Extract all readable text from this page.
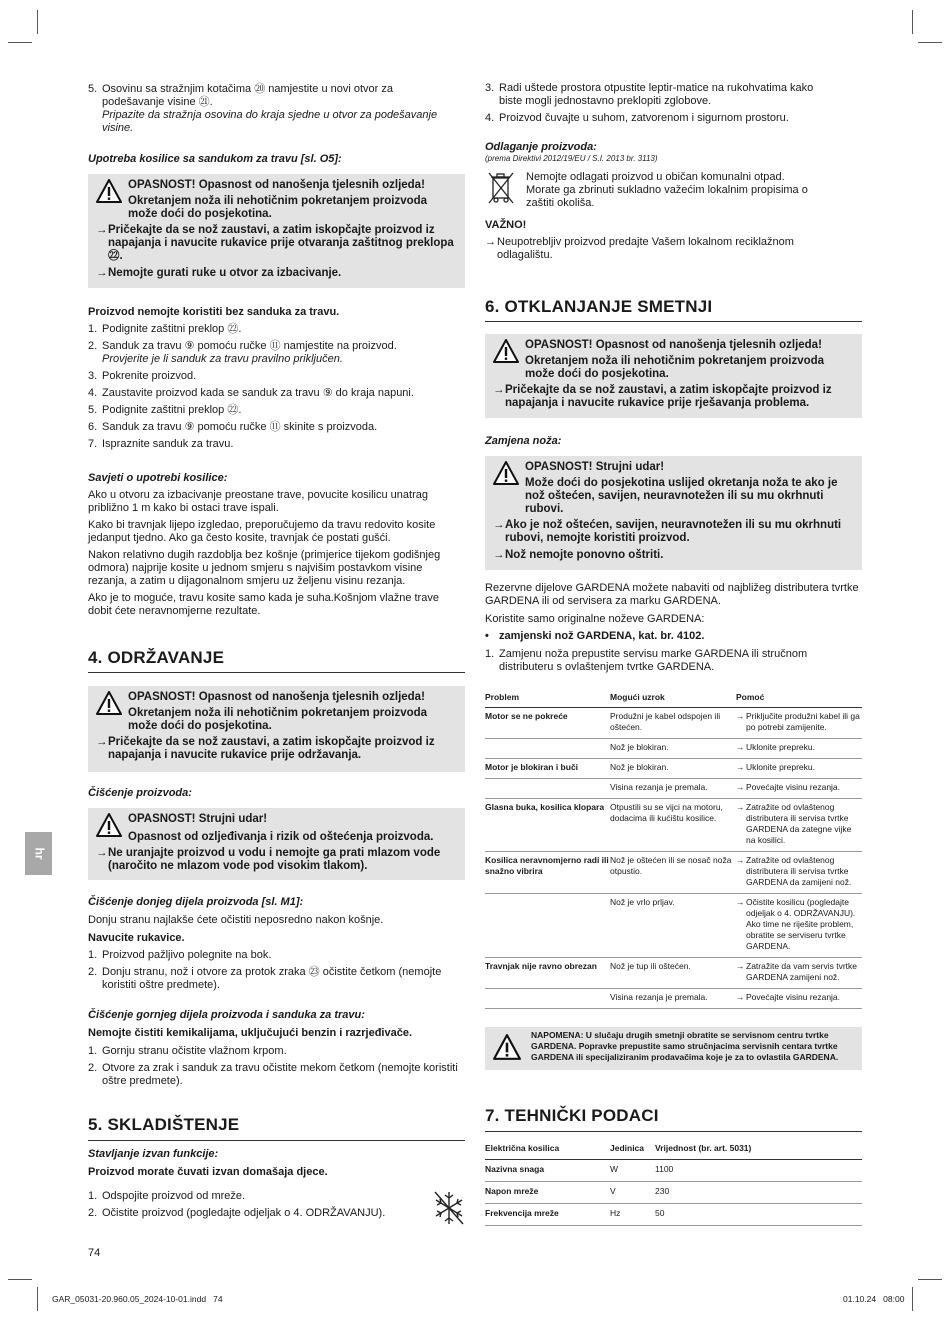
5. Osovinu sa stražnjim kotačima ⑳ namjestite u novi otvor za podešavanje visine ㉑.

Pripazite da stražnja osovina do kraja sjedne u otvor za podešavanje visine.

Upotreba kosilice sa sandukom za travu [sl. O5]:

OPASNOST! Opasnost od nanošenja tjelesnih ozljeda!

Okretanjem noža ili nehotičnim pokretanjem proizvoda može doći do posjekotina.

→ Pričekajte da se nož zaustavi, a zatim iskopčajte proizvod iz napajanja i navucite rukavice prije otvaranja zaštitnog preklopa ㉒.

→ Nemojte gurati ruke u otvor za izbacivanje.

Proizvod nemojte koristiti bez sanduka za travu.

1. Podignite zaštitni preklop ㉒.

2. Sanduk za travu ⑨ pomoću ručke ⑪ namjestite na proizvod.

Provjerite je li sanduk za travu pravilno priključen.

3. Pokrenite proizvod.

4. Zaustavite proizvod kada se sanduk za travu ⑨ do kraja napuni.

5. Podignite zaštitni preklop ㉒.

6. Sanduk za travu ⑨ pomoću ručke ⑪ skinite s proizvoda.

7. Ispraznite sanduk za travu.

Savjeti o upotrebi kosilice:

Ako u otvoru za izbacivanje preostane trave, povucite kosilicu unatrag približno 1 m kako bi ostaci trave ispali.

Kako bi travnjak lijepo izgledao, preporučujemo da travu redovito kosite jedanput tjedno. Ako ga često kosite, travnjak će postati gušći.

Nakon relativno dugih razdoblja bez košnje (primjerice tijekom godišnjeg odmora) najprije kosite u jednom smjeru s najvišim postavkom visine rezanja, a zatim u dijagonalnom smjeru uz željenu visinu rezanja.

Ako je to moguće, travu kosite samo kada je suha.Košnjom vlažne trave dobit ćete neravnomjerne rezultate.

4. ODRŽAVANJE

OPASNOST! Opasnost od nanošenja tjelesnih ozljeda!

Okretanjem noža ili nehotičnim pokretanjem proizvoda može doći do posjekotina.

→ Pričekajte da se nož zaustavi, a zatim iskopčajte proizvod iz napajanja i navucite rukavice prije održavanja.

Čišćenje proizvoda:

OPASNOST! Strujni udar!

Opasnost od ozljeđivanja i rizik od oštećenja proizvoda.

→ Ne uranjajte proizvod u vodu i nemojte ga prati mlazom vode (naročito ne mlazom vode pod visokim tlakom).

Čišćenje donjeg dijela proizvoda [sl. M1]:

Donju stranu najlakše ćete očistiti neposredno nakon košnje.

Navucite rukavice.

1. Proizvod pažljivo polegnite na bok.

2. Donju stranu, nož i otvore za protok zraka ㉓ očistite četkom (nemojte koristiti oštre predmete).

Čišćenje gornjeg dijela proizvoda i sanduka za travu:

Nemojte čistiti kemikalijama, uključujući benzin i razrjeđivače.

1. Gornju stranu očistite vlažnom krpom.

2. Otvore za zrak i sanduk za travu očistite mekom četkom (nemojte koristiti oštre predmete).

5. SKLADIŠTENJE

Stavljanje izvan funkcije:

Proizvod morate čuvati izvan domašaja djece.

1. Odspojite proizvod od mreže.

2. Očistite proizvod (pogledajte odjeljak o 4. ODRŽAVANJU).

hr
3. Radi uštede prostora otpustite leptir-matice na rukohvatima kako biste mogli jednostavno preklopiti zglobove.

4. Proizvod čuvajte u suhom, zatvorenom i sigurnom prostoru.

Odlaganje proizvoda:

(prema Direktivi 2012/19/EU / S.I. 2013 br. 3113)

Nemojte odlagati proizvod u običan komunalni otpad. Morate ga zbrinuti sukladno važećim lokalnim propisima o zaštiti okoliša.

VAŽNO!

→ Neupotrebljiv proizvod predajte Vašem lokalnom reciklažnom odlagalištu.

6. OTKLANJANJE SMETNJI

OPASNOST! Opasnost od nanošenja tjelesnih ozljeda!

Okretanjem noža ili nehotičnim pokretanjem proizvoda može doći do posjekotina.

→ Pričekajte da se nož zaustavi, a zatim iskopčajte proizvod iz napajanja i navucite rukavice prije rješavanja problema.

Zamjena noža:

OPASNOST! Strujni udar!

Može doći do posjekotina uslijed okretanja noža te ako je nož oštećen, savijen, neuravnotežen ili su mu okrhnuti rubovi.

→ Ako je nož oštećen, savijen, neuravnotežen ili su mu okrhnuti rubovi, nemojte koristiti proizvod.

→ Nož nemojte ponovno oštriti.

Rezervne dijelove GARDENA možete nabaviti od najbližeg distributera tvrtke GARDENA ili od servisera za marku GARDENA.

Koristite samo originalne noževe GARDENA:

• zamjenski nož GARDENA, kat. br. 4102.

1. Zamjenu noža prepustite servisu marke GARDENA ili stručnom distributeru s ovlaštenjem tvrtke GARDENA.

Problem	Mogući uzrok	Pomoć
Motor se ne pokreće	Produžni je kabel odspojen ili oštećen.	→ Priključite produžni kabel ili ga po potrebi zamijenite.
	Nož je blokiran.	→ Uklonite prepreku.
Motor je blokiran i buči	Nož je blokiran.	→ Uklonite prepreku.
	Visina rezanja je premala.	→ Povećajte visinu rezanja.
Glasna buka, kosilica klopara	Otpustili su se vijci na motoru, dodacima ili kućištu kosilice.	→ Zatražite od ovlaštenog distributera ili servisa tvrtke GARDENA da zategne vijke na kosilici.
Kosilica neravnomjerno radi ili snažno vibrira	Nož je oštećen ili se nosač noža otpustio.	→ Zatražite od ovlaštenog distributera ili servisa tvrtke GARDENA da zamijeni nož.
	Nož je vrlo prljav.	→ Očistite kosilicu (pogledajte odjeljak o 4. ODRŽAVANJU). Ako time ne riješite problem, obratite se serviseru tvrtke GARDENA.
Travnjak nije ravno obrezan	Nož je tup ili oštećen.	→ Zatražite da vam servis tvrtke GARDENA zamijeni nož.
	Visina rezanja je premala.	→ Povećajte visinu rezanja.

NAPOMENA: U slučaju drugih smetnji obratite se servisnom centru tvrtke GARDENA. Popravke prepustite samo stručnjacima servisnih centara tvrtke GARDENA ili specijaliziranim prodavačima koje je za to ovlastila GARDENA.

7. TEHNIČKI PODACI

Električna kosilica	Jedinica	Vrijednost (br. art. 5031)
Nazivna snaga	W	1100
Napon mreže	V	230
Frekvencija mreže	Hz	50

74

GAR_05031-20.960.05_2024-10-01.indd   74	01.10.24   08:00
